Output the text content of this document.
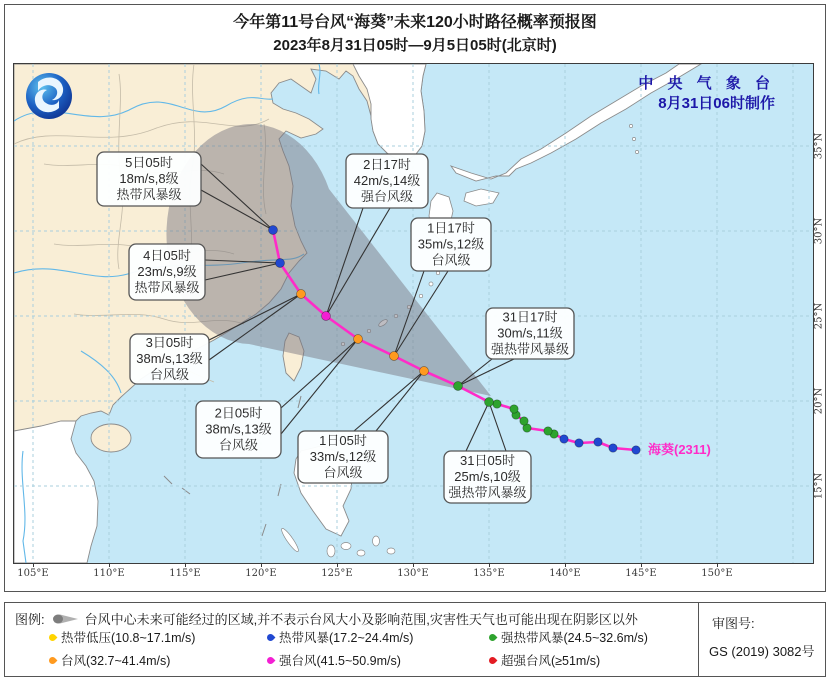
今年第11号台风“海葵”未来120小时路径概率预报图
2023年8月31日05时—9月5日05时(北京时)
5日05时
18m/s,8级
热带风暴级
4日05时
23m/s,9级
热带风暴级
3日05时
38m/s,13级
台风级
2日05时
38m/s,13级
台风级	1日05时
33m/s,12级
台风级
31日05时
25m/s,10级
强热带风暴级
2日17时
42m/s,14级
强台风级
1日17时
35m/s,12级
台风级
31日17时
30m/s,11级
强热带风暴级
海葵(2311)
中 央 气 象 台
8月31日06时制作
105°E	110°E	115°E	120°E	125°E	130°E	135°E	140°E	145°E	150°E
35°N
30°N
25°N
20°N
15°N
图例:	台风中心未来可能经过的区域,并不表示台风大小及影响范围,灾害性天气也可能出现在阴影区以外
热带低压(10.8~17.1m/s)	热带风暴(17.2~24.4m/s)	强热带风暴(24.5~32.6m/s)
台风(32.7~41.4m/s)	强台风(41.5~50.9m/s)	超强台风(≥51m/s)
审图号:
GS (2019) 3082号
